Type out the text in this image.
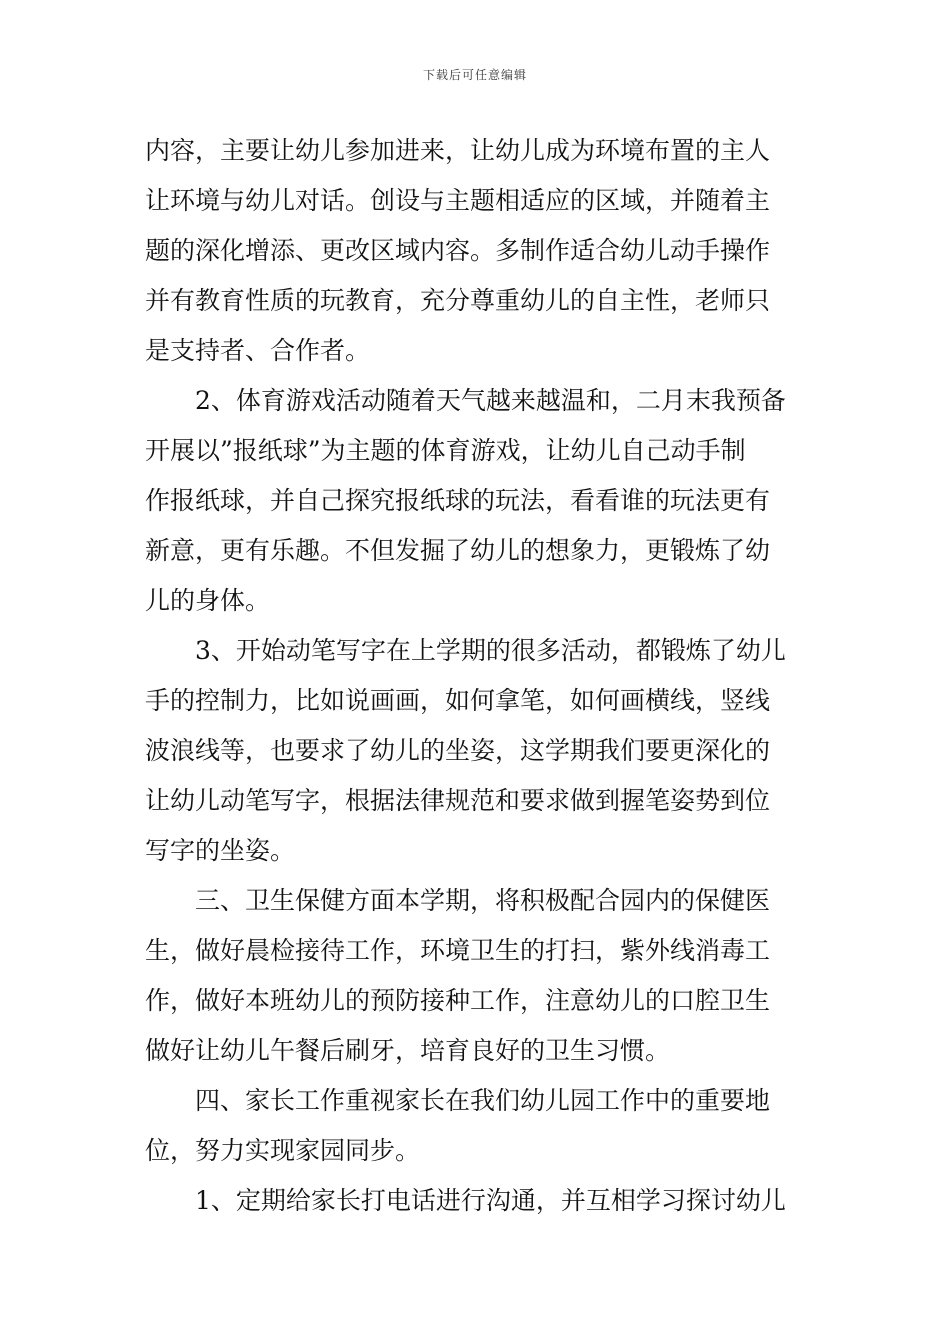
下载后可任意编辑
内容，主要让幼儿参加进来，让幼儿成为环境布置的主人
让环境与幼儿对话。创设与主题相适应的区域，并随着主
题的深化增添、更改区域内容。多制作适合幼儿动手操作
并有教育性质的玩教育，充分尊重幼儿的自主性，老师只
是支持者、合作者。
2、体育游戏活动随着天气越来越温和，二月末我预备
开展以”报纸球”为主题的体育游戏，让幼儿自己动手制
作报纸球，并自己探究报纸球的玩法，看看谁的玩法更有
新意，更有乐趣。不但发掘了幼儿的想象力，更锻炼了幼
儿的身体。
3、开始动笔写字在上学期的很多活动，都锻炼了幼儿
手的控制力，比如说画画，如何拿笔，如何画横线，竖线
波浪线等，也要求了幼儿的坐姿，这学期我们要更深化的
让幼儿动笔写字，根据法律规范和要求做到握笔姿势到位
写字的坐姿。
三、卫生保健方面本学期，将积极配合园内的保健医
生，做好晨检接待工作，环境卫生的打扫，紫外线消毒工
作，做好本班幼儿的预防接种工作，注意幼儿的口腔卫生
做好让幼儿午餐后刷牙，培育良好的卫生习惯。
四、家长工作重视家长在我们幼儿园工作中的重要地
位，努力实现家园同步。
1、定期给家长打电话进行沟通，并互相学习探讨幼儿
